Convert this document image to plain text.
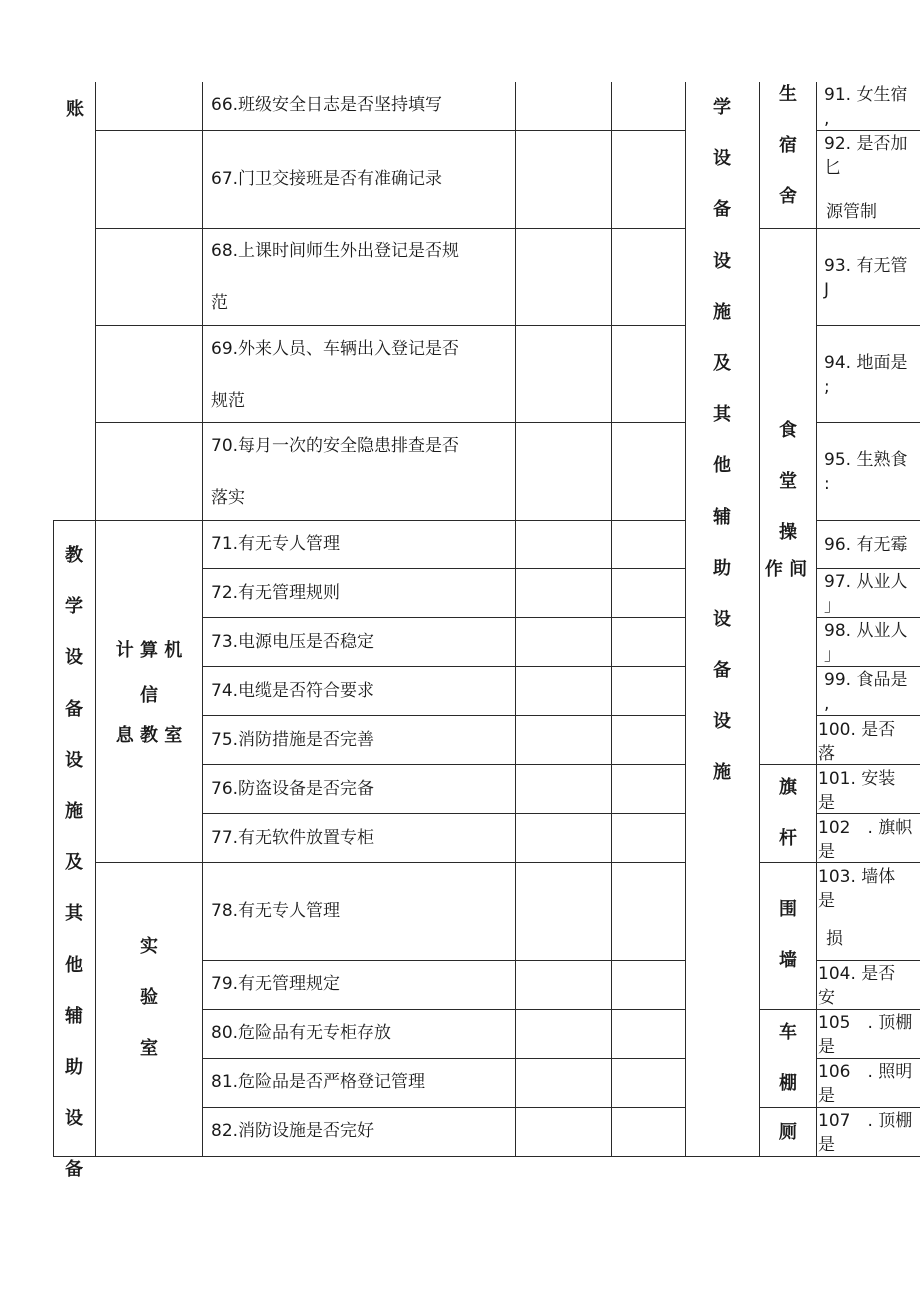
账
教
学
设
备
设
施
及
其
他
辅
助
设
备
计 算 机
信
息 教 室
实
验
室
66.班级安全日志是否坚持填写
67.门卫交接班是否有准确记录
68.上课时间师生外出登记是否规
范
69.外来人员、车辆出入登记是否
规范
70.每月一次的安全隐患排查是否
落实
71.有无专人管理
72.有无管理规则
73.电源电压是否稳定
74.电缆是否符合要求
75.消防措施是否完善
76.防盗设备是否完备
77.有无软件放置专柜
78.有无专人管理
79.有无管理规定
80.危险品有无专柜存放
81.危险品是否严格登记管理
82.消防设施是否完好
学
设
备
设
施
及
其
他
辅
助
设
备
设
施
生
宿
舍
食
堂
操
作 间
旗
杆
围
墙
车
棚
厕
91. 女生宿
,
92. 是否加
匕
源管制
93. 有无管
J
94. 地面是
;
95. 生熟食
:
96. 有无霉
97. 从业人
」
98. 从业人
」
99. 食品是
,
100. 是否
落
101. 安装
是
102　. 旗帜
是
103. 墙体
是
损
104. 是否
安
105　. 顶棚
是
106　. 照明
是
107　. 顶棚
是
